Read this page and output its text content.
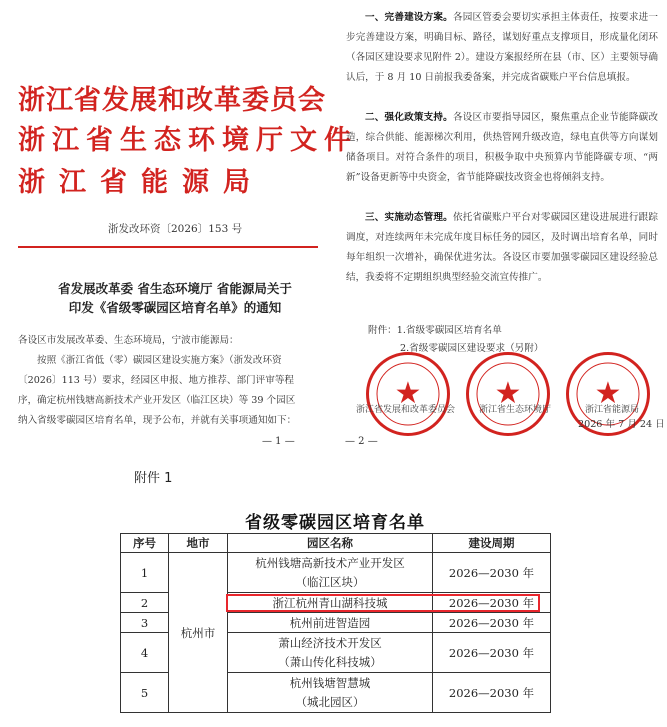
浙江省发展和改革委员会
浙江省生态环境厅文件
浙江省能源局
浙发改环资〔2026〕153 号
省发展改革委 省生态环境厅 省能源局关于
印发《省级零碳园区培育名单》的通知
各设区市发展改革委、生态环境局，宁波市能源局：
按照《浙江省低（零）碳园区建设实施方案》（浙发改环资
〔2026〕113 号）要求，经园区申报、地方推荐、部门评审等程
序，确定杭州钱塘高新技术产业开发区（临江区块）等 39 个园区
纳入省级零碳园区培育名单，现予公布，并就有关事项通知如下：
— 1 —
一、完善建设方案。各园区管委会要切实承担主体责任，按要求进一步完善建设方案，明确目标、路径，谋划好重点支撑项目，形成量化闭环（各园区建设要求见附件 2）。建设方案报经所在县（市、区）主要领导确认后，于 8 月 10 日前报我委备案，并完成省碳账户平台信息填报。
二、强化政策支持。各设区市要指导园区，聚焦重点企业节能降碳改造，综合供能、能源梯次利用，供热管网升级改造，绿电直供等方向谋划储备项目。对符合条件的项目，积极争取中央预算内节能降碳专项、“两新”设备更新等中央资金，省节能降碳技改资金也将倾斜支持。
三、实施动态管理。依托省碳账户平台对零碳园区建设进展进行跟踪调度，对连续两年未完成年度目标任务的园区，及时调出培育名单，同时每年组织一次增补，确保优进劣汰。各设区市要加强零碳园区建设经验总结，我委将不定期组织典型经验交流宣传推广。
附件：1.省级零碳园区培育名单
2.省级零碳园区建设要求（另附）
★	★	★
浙江省发展和改革委员会	浙江省生态环境厅	浙江省能源局
2026 年 7 月 24 日
— 2 —
附件 1
省级零碳园区培育名单
序号	地市	园区名称	建设周期
1	杭州市	杭州钱塘高新技术产业开发区
（临江区块）	2026—2030 年
2		浙江杭州青山湖科技城	2026—2030 年
3		杭州前进智造园	2026—2030 年
4		萧山经济技术开发区
（萧山传化科技城）	2026—2030 年
5		杭州钱塘智慧城
（城北园区）	2026—2030 年
